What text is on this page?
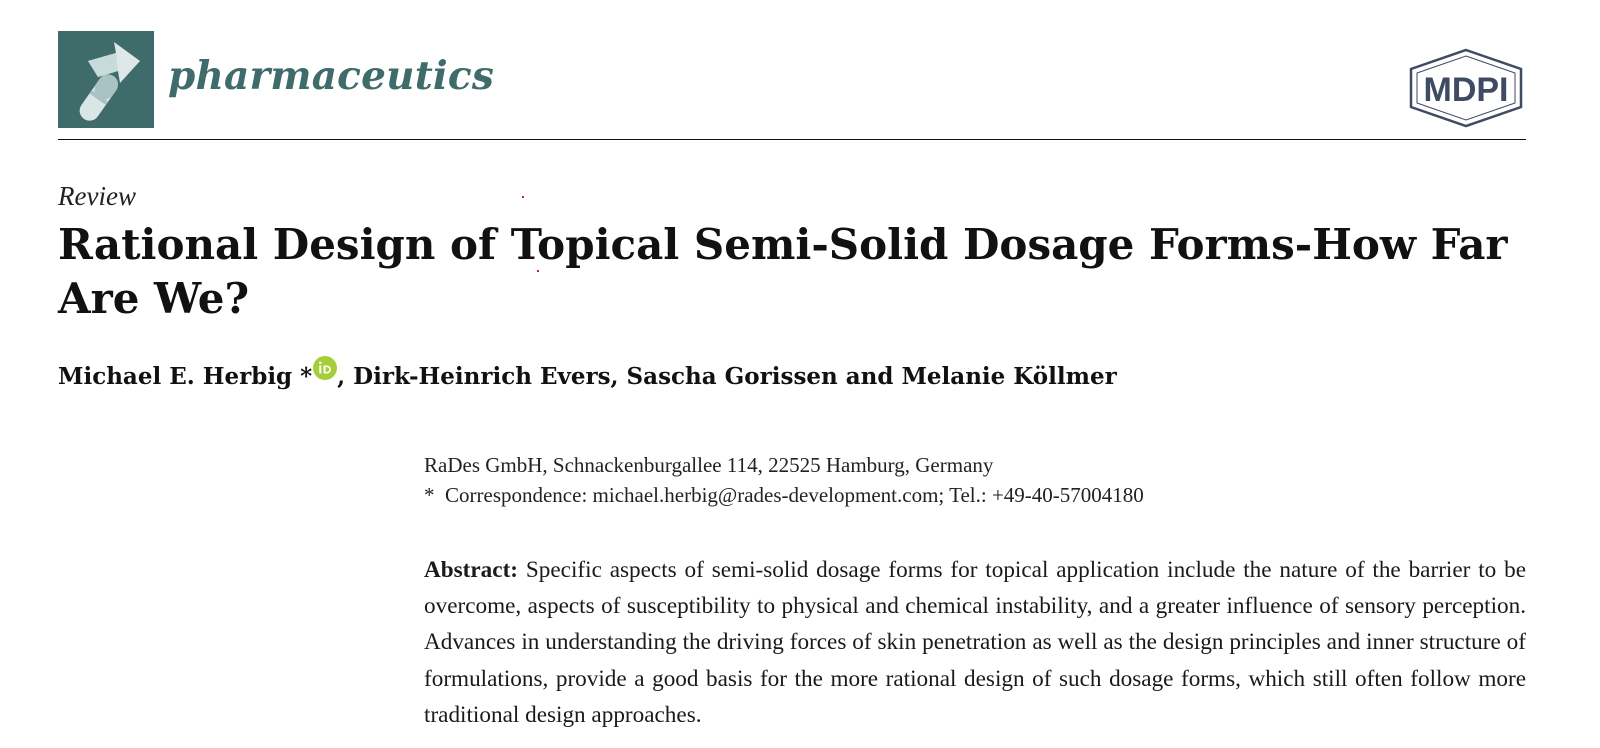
pharmaceutics	MDPI
Review
Rational Design of Topical Semi-Solid Dosage Forms-How Far Are We?
Michael E. Herbig * , Dirk-Heinrich Evers, Sascha Gorissen and Melanie Köllmer
RaDes GmbH, Schnackenburgallee 114, 22525 Hamburg, Germany
* Correspondence: michael.herbig@rades-development.com; Tel.: +49-40-57004180

Abstract: Specific aspects of semi-solid dosage forms for topical application include the nature of the barrier to be overcome, aspects of susceptibility to physical and chemical instability, and a greater influence of sensory perception. Advances in understanding the driving forces of skin penetration as well as the design principles and inner structure of formulations, provide a good basis for the more rational design of such dosage forms, which still often follow more traditional design approaches.
